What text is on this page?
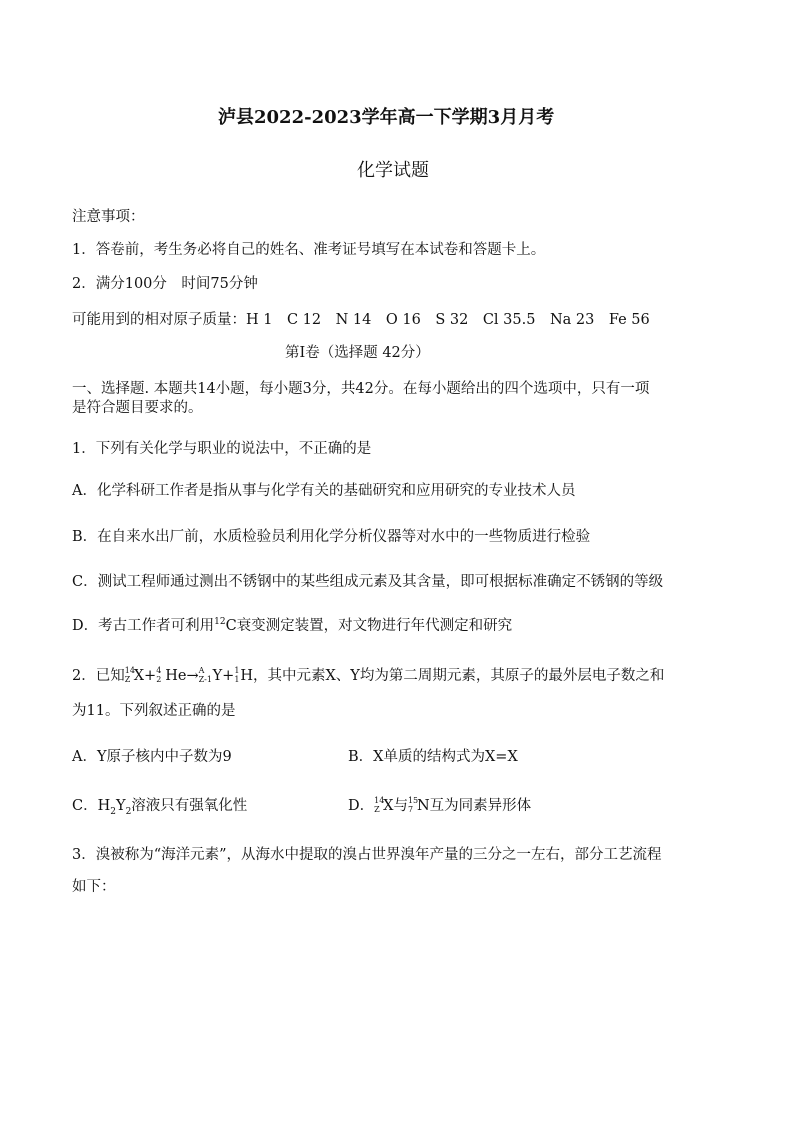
泸县2022-2023学年高一下学期3月月考
化学试题
注意事项：
1．答卷前，考生务必将自己的姓名、准考证号填写在本试卷和答题卡上。
2．满分100分　时间75分钟
可能用到的相对原子质量：H 1　C 12　N 14　O 16　S 32　Cl 35.5　Na 23　Fe 56
第I卷（选择题 42分）
一、选择题. 本题共14小题，每小题3分，共42分。在每小题给出的四个选项中，只有一项
是符合题目要求的。
1．下列有关化学与职业的说法中，不正确的是
A．化学科研工作者是指从事与化学有关的基础研究和应用研究的专业技术人员
B．在自来水出厂前，水质检验员利用化学分析仪器等对水中的一些物质进行检验
C．测试工程师通过测出不锈钢中的某些组成元素及其含量，即可根据标准确定不锈钢的等级
D．考古工作者可利用$^{12}$C衰变测定装置，对文物进行年代测定和研究
2．已知 14
Z X+ 4
2 He→ A
Z-1 Y+ 1
1 H，其中元素X、Y均为第二周期元素，其原子的最外层电子数之和
为11。下列叙述正确的是
A．Y原子核内中子数为9	B．X单质的结构式为X=X
C．$H_2Y_2$溶液只有强氧化性	D． 14
Z X与 15
7 N互为同素异形体
3．溴被称为“海洋元素”，从海水中提取的溴占世界溴年产量的三分之一左右，部分工艺流程
如下：
